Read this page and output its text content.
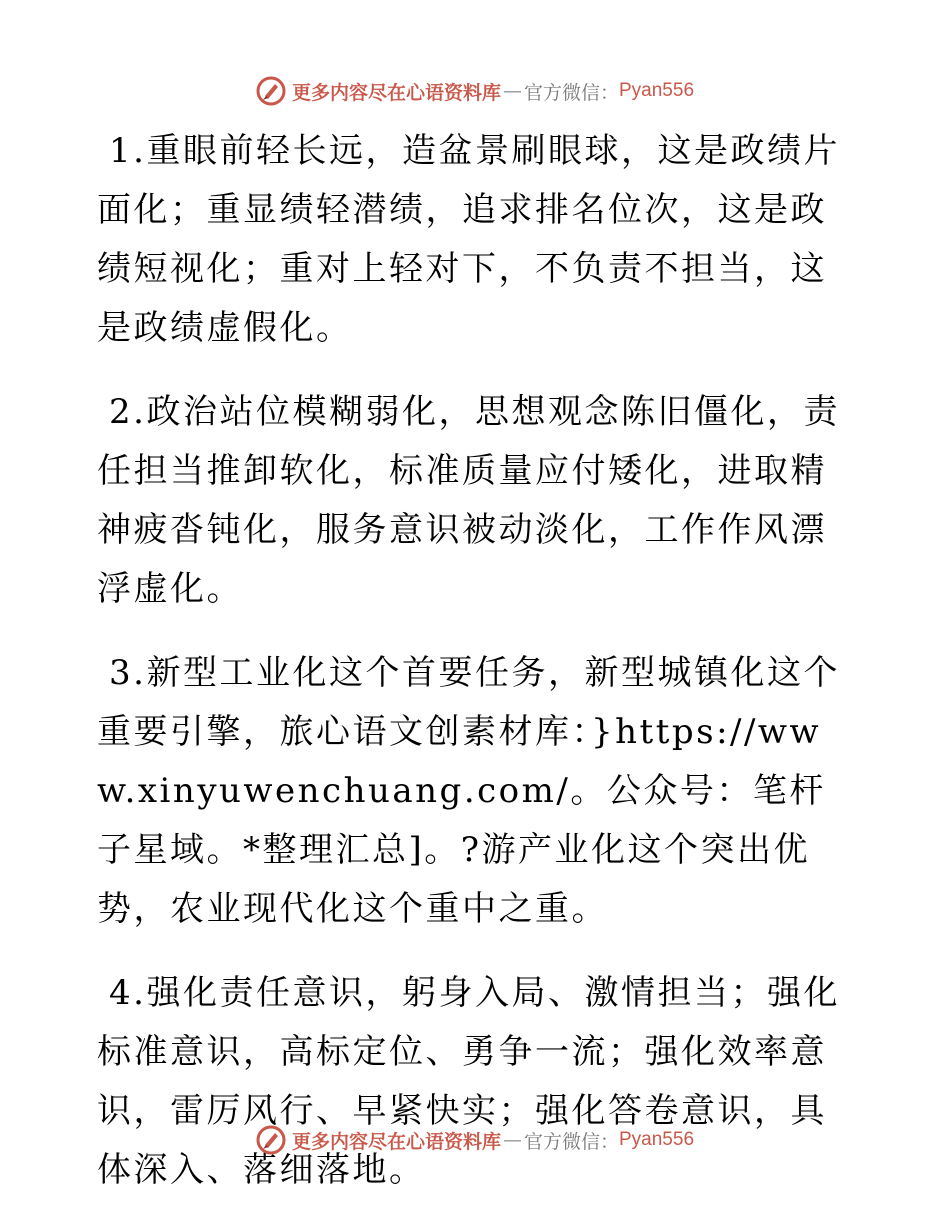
更多内容尽在心语资料库 — 官方微信： Pyan556

1.重眼前轻长远，造盆景刷眼球，这是政绩片面化；重显绩轻潜绩，追求排名位次，这是政绩短视化；重对上轻对下，不负责不担当，这是政绩虚假化。

2.政治站位模糊弱化，思想观念陈旧僵化，责任担当推卸软化，标准质量应付矮化，进取精神疲沓钝化，服务意识被动淡化，工作作风漂浮虚化。

3.新型工业化这个首要任务，新型城镇化这个重要引擎，旅心语文创素材库：}https://www.xinyuwenchuang.com/。公众号：笔杆子星域。*整理汇总]。?游产业化这个突出优势，农业现代化这个重中之重。

4.强化责任意识，躬身入局、激情担当；强化标准意识，高标定位、勇争一流；强化效率意识，雷厉风行、早紧快实；强化答卷意识，具体深入、落细落地。

更多内容尽在心语资料库 — 官方微信： Pyan556
